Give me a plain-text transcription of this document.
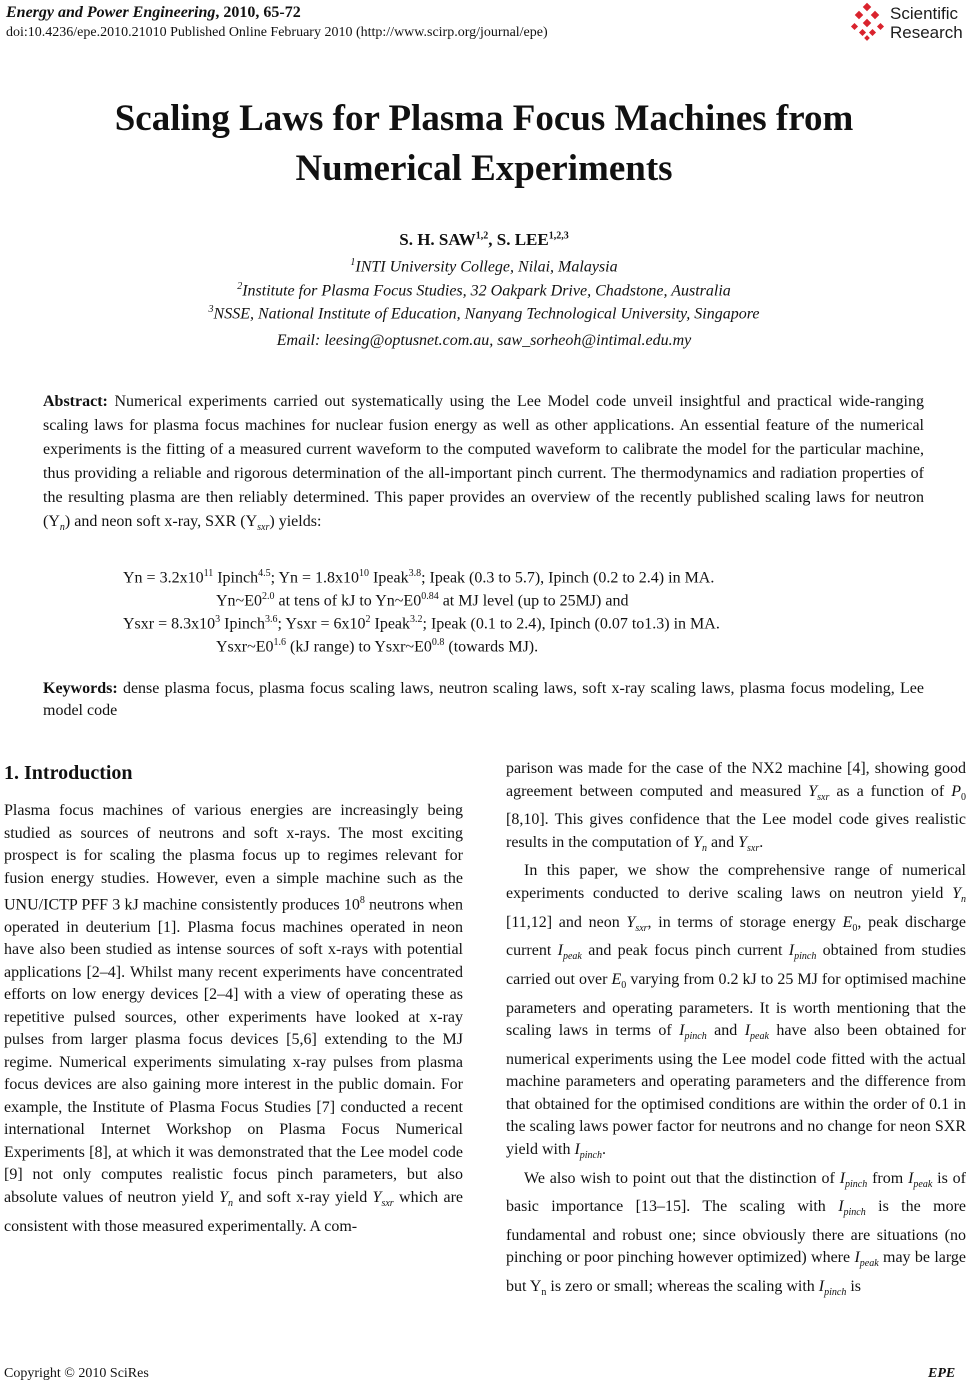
Energy and Power Engineering, 2010, 65-72
doi:10.4236/epe.2010.21010 Published Online February 2010 (http://www.scirp.org/journal/epe)
Scientific
Research
Scaling Laws for Plasma Focus Machines from
Numerical Experiments
S. H. SAW$^{1,2}$, S. LEE$^{1,2,3}$
$^1$INTI University College, Nilai, Malaysia
$^2$Institute for Plasma Focus Studies, 32 Oakpark Drive, Chadstone, Australia
$^3$NSSE, National Institute of Education, Nanyang Technological University, Singapore
Email: leesing@optusnet.com.au, saw_sorheoh@intimal.edu.my
Abstract: Numerical experiments carried out systematically using the Lee Model code unveil insightful and practical wide-ranging scaling laws for plasma focus machines for nuclear fusion energy as well as other applications. An essential feature of the numerical experiments is the fitting of a measured current waveform to the computed waveform to calibrate the model for the particular machine, thus providing a reliable and rigorous determination of the all-important pinch current. The thermodynamics and radiation properties of the resulting plasma are then reliably determined. This paper provides an overview of the recently published scaling laws for neutron $(Y_n)$ and neon soft x-ray, SXR $(Y_{sxr})$ yields:
$Yn = 3.2x10^{11}$ Ipinch$^{4.5}$; $Yn = 1.8x10^{10}$ Ipeak$^{3.8}$; Ipeak (0.3 to 5.7), Ipinch (0.2 to 2.4) in MA.
$Yn\sim E0^{2.0}$ at tens of kJ to $Yn\sim E0^{0.84}$ at MJ level (up to 25MJ) and
Ysxr = $8.3x10^3$ Ipinch$^{3.6}$; Ysxr = $6x10^2$ Ipeak$^{3.2}$; Ipeak (0.1 to 2.4), Ipinch (0.07 to1.3) in MA.
$Ysxr\sim E0^{1.6}$ (kJ range) to $Ysxr\sim E0^{0.8}$ (towards MJ).
Keywords: dense plasma focus, plasma focus scaling laws, neutron scaling laws, soft x-ray scaling laws, plasma focus modeling, Lee model code
1. Introduction

Plasma focus machines of various energies are increasingly being studied as sources of neutrons and soft x-rays. The most exciting prospect is for scaling the plasma focus up to regimes relevant for fusion energy studies. However, even a simple machine such as the UNU/ICTP PFF 3 kJ machine consistently produces $10^8$ neutrons when operated in deuterium [1]. Plasma focus machines operated in neon have also been studied as intense sources of soft x-rays with potential applications [2–4]. Whilst many recent experiments have concentrated efforts on low energy devices [2–4] with a view of operating these as repetitive pulsed sources, other experiments have looked at x-ray pulses from larger plasma focus devices [5,6] extending to the MJ regime. Numerical experiments simulating x-ray pulses from plasma focus devices are also gaining more interest in the public domain. For example, the Institute of Plasma Focus Studies [7] conducted a recent international Internet Workshop on Plasma Focus Numerical Experiments [8], at which it was demonstrated that the Lee model code [9] not only computes realistic focus pinch parameters, but also absolute values of neutron yield $Y_n$ and soft x-ray yield $Y_{sxr}$ which are consistent with those measured experimentally. A com-

parison was made for the case of the NX2 machine [4], showing good agreement between computed and measured $Y_{sxr}$ as a function of $P_0$ [8,10]. This gives confidence that the Lee model code gives realistic results in the computation of $Y_n$ and $Y_{sxr}$.

In this paper, we show the comprehensive range of numerical experiments conducted to derive scaling laws on neutron yield $Y_n$ [11,12] and neon $Y_{sxr}$, in terms of storage energy $E_0$, peak discharge current $I_{peak}$ and peak focus pinch current $I_{pinch}$ obtained from studies carried out over $E_0$ varying from 0.2 kJ to 25 MJ for optimised machine parameters and operating parameters. It is worth mentioning that the scaling laws in terms of $I_{pinch}$ and $I_{peak}$ have also been obtained for numerical experiments using the Lee model code fitted with the actual machine parameters and operating parameters and the difference from that obtained for the optimised conditions are within the order of 0.1 in the scaling laws power factor for neutrons and no change for neon SXR yield with $I_{pinch}$.

We also wish to point out that the distinction of $I_{pinch}$ from $I_{peak}$ is of basic importance [13–15]. The scaling with $I_{pinch}$ is the more fundamental and robust one; since obviously there are situations (no pinching or poor pinching however optimized) where $I_{peak}$ may be large but $Y_n$ is zero or small; whereas the scaling with $I_{pinch}$ is

Copyright © 2010 SciRes	EPE
